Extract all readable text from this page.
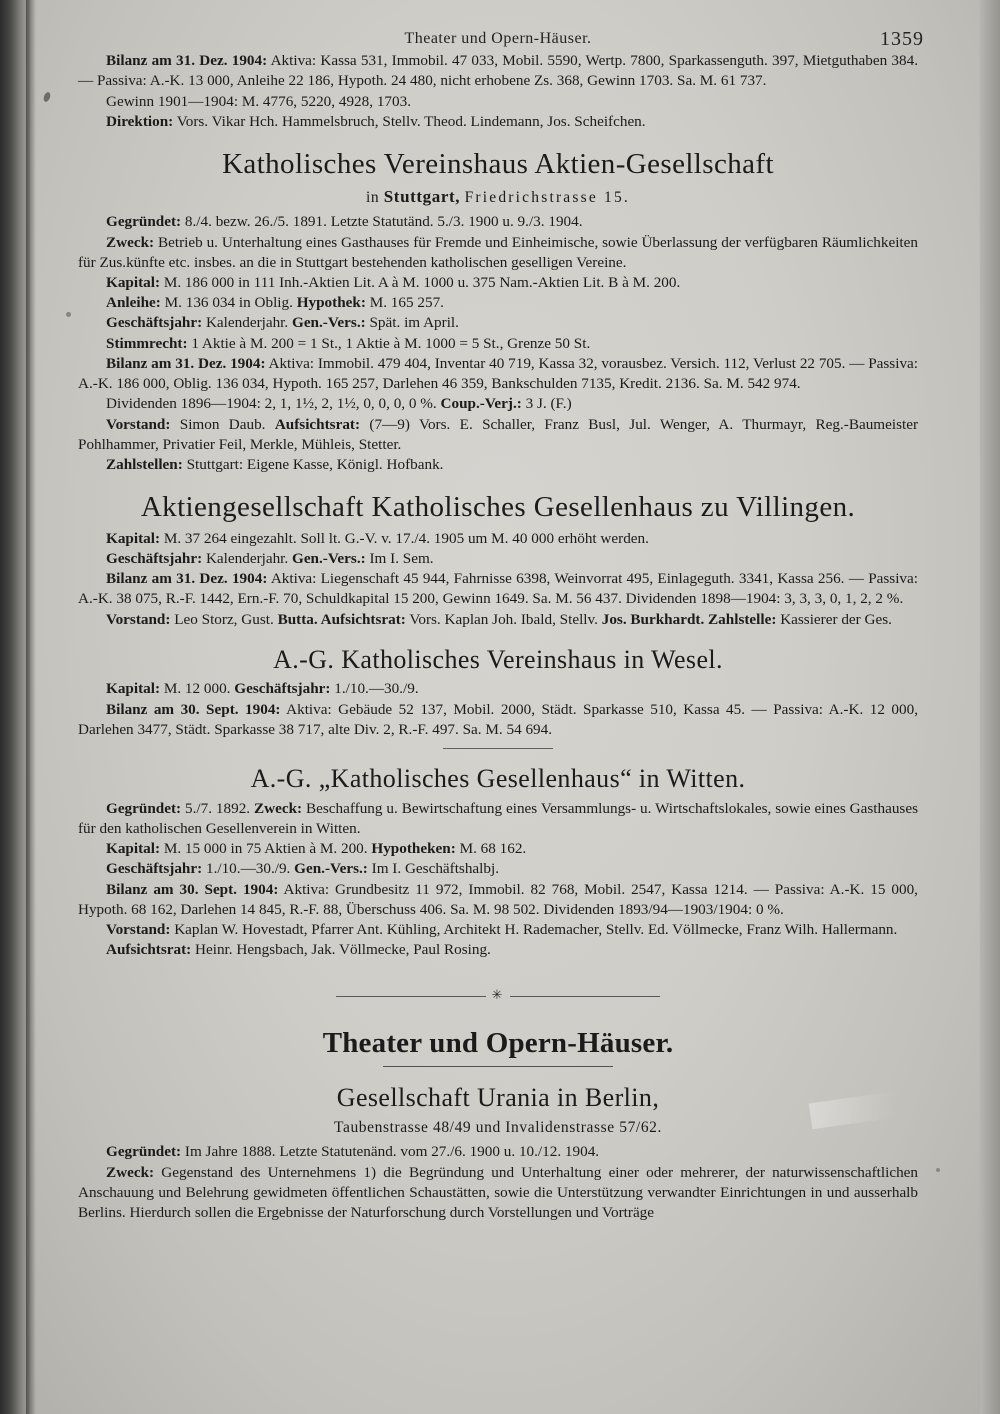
Theater und Opern-Häuser.	1359

Bilanz am 31. Dez. 1904: Aktiva: Kassa 531, Immobil. 47 033, Mobil. 5590, Wertp. 7800, Sparkassenguth. 397, Mietguthaben 384. — Passiva: A.-K. 13 000, Anleihe 22 186, Hypoth. 24 480, nicht erhobene Zs. 368, Gewinn 1703. Sa. M. 61 737.

Gewinn 1901—1904: M. 4776, 5220, 4928, 1703.

Direktion: Vors. Vikar Hch. Hammelsbruch, Stellv. Theod. Lindemann, Jos. Scheifchen.

Katholisches Vereinshaus Aktien-Gesellschaft
in Stuttgart, Friedrichstrasse 15.

Gegründet: 8./4. bezw. 26./5. 1891. Letzte Statutänd. 5./3. 1900 u. 9./3. 1904.

Zweck: Betrieb u. Unterhaltung eines Gasthauses für Fremde und Einheimische, sowie Überlassung der verfügbaren Räumlichkeiten für Zus.künfte etc. insbes. an die in Stuttgart bestehenden katholischen geselligen Vereine.

Kapital: M. 186 000 in 111 Inh.-Aktien Lit. A à M. 1000 u. 375 Nam.-Aktien Lit. B à M. 200.

Anleihe: M. 136 034 in Oblig. Hypothek: M. 165 257.

Geschäftsjahr: Kalenderjahr. Gen.-Vers.: Spät. im April.

Stimmrecht: 1 Aktie à M. 200 = 1 St., 1 Aktie à M. 1000 = 5 St., Grenze 50 St.

Bilanz am 31. Dez. 1904: Aktiva: Immobil. 479 404, Inventar 40 719, Kassa 32, vorausbez. Versich. 112, Verlust 22 705. — Passiva: A.-K. 186 000, Oblig. 136 034, Hypoth. 165 257, Darlehen 46 359, Bankschulden 7135, Kredit. 2136. Sa. M. 542 974.

Dividenden 1896—1904: 2, 1, 1½, 2, 1½, 0, 0, 0, 0 %. Coup.-Verj.: 3 J. (F.)

Vorstand: Simon Daub. Aufsichtsrat: (7—9) Vors. E. Schaller, Franz Busl, Jul. Wenger, A. Thurmayr, Reg.-Baumeister Pohlhammer, Privatier Feil, Merkle, Mühleis, Stetter.

Zahlstellen: Stuttgart: Eigene Kasse, Königl. Hofbank.

Aktiengesellschaft Katholisches Gesellenhaus zu Villingen.

Kapital: M. 37 264 eingezahlt. Soll lt. G.-V. v. 17./4. 1905 um M. 40 000 erhöht werden.

Geschäftsjahr: Kalenderjahr. Gen.-Vers.: Im I. Sem.

Bilanz am 31. Dez. 1904: Aktiva: Liegenschaft 45 944, Fahrnisse 6398, Weinvorrat 495, Einlageguth. 3341, Kassa 256. — Passiva: A.-K. 38 075, R.-F. 1442, Ern.-F. 70, Schuldkapital 15 200, Gewinn 1649. Sa. M. 56 437. Dividenden 1898—1904: 3, 3, 3, 0, 1, 2, 2 %.

Vorstand: Leo Storz, Gust. Butta. Aufsichtsrat: Vors. Kaplan Joh. Ibald, Stellv. Jos. Burkhardt. Zahlstelle: Kassierer der Ges.

A.-G. Katholisches Vereinshaus in Wesel.

Kapital: M. 12 000. Geschäftsjahr: 1./10.—30./9.

Bilanz am 30. Sept. 1904: Aktiva: Gebäude 52 137, Mobil. 2000, Städt. Sparkasse 510, Kassa 45. — Passiva: A.-K. 12 000, Darlehen 3477, Städt. Sparkasse 38 717, alte Div. 2, R.-F. 497. Sa. M. 54 694.

A.-G. „Katholisches Gesellenhaus“ in Witten.

Gegründet: 5./7. 1892. Zweck: Beschaffung u. Bewirtschaftung eines Versammlungs- u. Wirtschaftslokales, sowie eines Gasthauses für den katholischen Gesellenverein in Witten.

Kapital: M. 15 000 in 75 Aktien à M. 200. Hypotheken: M. 68 162.

Geschäftsjahr: 1./10.—30./9. Gen.-Vers.: Im I. Geschäftshalbj.

Bilanz am 30. Sept. 1904: Aktiva: Grundbesitz 11 972, Immobil. 82 768, Mobil. 2547, Kassa 1214. — Passiva: A.-K. 15 000, Hypoth. 68 162, Darlehen 14 845, R.-F. 88, Überschuss 406. Sa. M. 98 502. Dividenden 1893/94—1903/1904: 0 %.

Vorstand: Kaplan W. Hovestadt, Pfarrer Ant. Kühling, Architekt H. Rademacher, Stellv. Ed. Völlmecke, Franz Wilh. Hallermann.

Aufsichtsrat: Heinr. Hengsbach, Jak. Völlmecke, Paul Rosing.

✳
Theater und Opern-Häuser.
Gesellschaft Urania in Berlin,
Taubenstrasse 48/49 und Invalidenstrasse 57/62.

Gegründet: Im Jahre 1888. Letzte Statutenänd. vom 27./6. 1900 u. 10./12. 1904.

Zweck: Gegenstand des Unternehmens 1) die Begründung und Unterhaltung einer oder mehrerer, der naturwissenschaftlichen Anschauung und Belehrung gewidmeten öffentlichen Schaustätten, sowie die Unterstützung verwandter Einrichtungen in und ausserhalb Berlins. Hierdurch sollen die Ergebnisse der Naturforschung durch Vorstellungen und Vorträge
